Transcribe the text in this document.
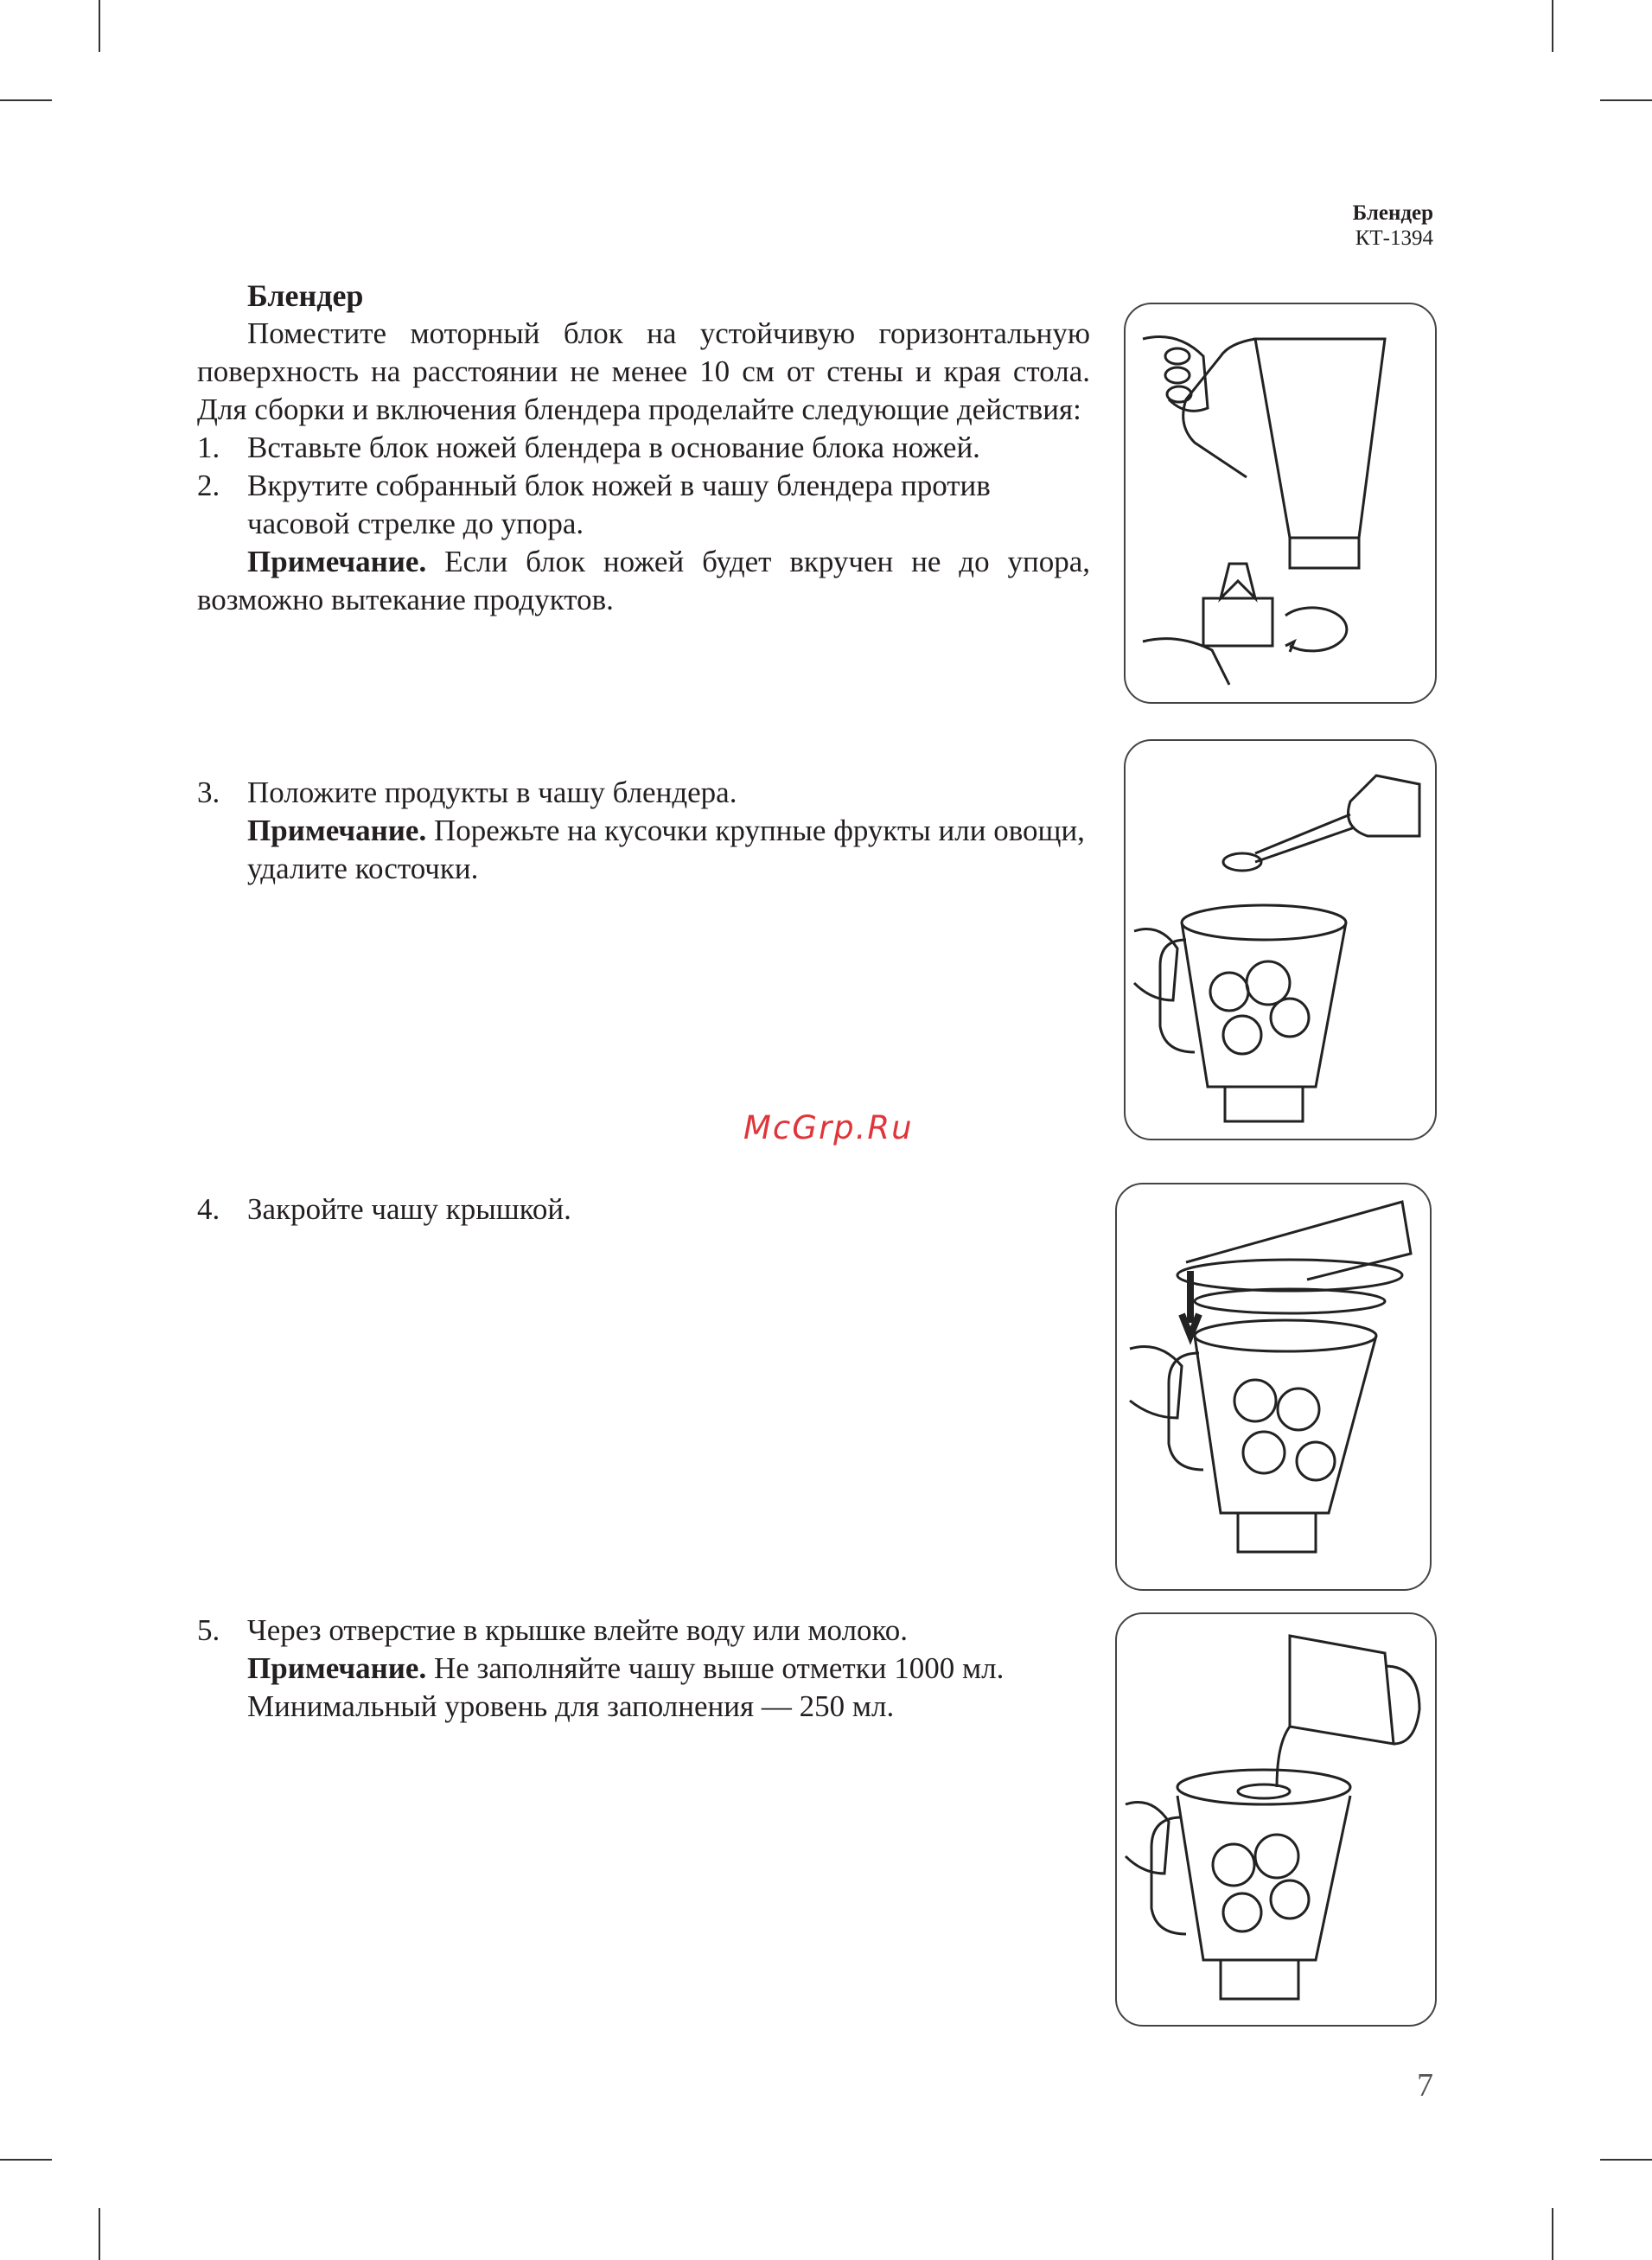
Блендер
КТ-1394

Блендер

Поместите моторный блок на устойчивую горизонтальную поверхность на расстоянии не менее 10 см от стены и края стола. Для сборки и включения блендера проделайте следующие действия:

1. Вставьте блок ножей блендера в основание блока ножей.

2. Вкрутите собранный блок ножей в чашу блендера против часовой стрелке до упора.

Примечание. Если блок ножей будет вкручен не до упора, возможно вытекание продуктов.

3. Положите продукты в чашу блендера.

Примечание. Порежьте на кусочки крупные фрукты или овощи, удалите косточки.

4. Закройте чашу крышкой.

5. Через отверстие в крышке влейте воду или молоко.

Примечание. Не заполняйте чашу выше отметки 1000 мл. Минимальный уровень для заполнения — 250 мл.

McGrp.Ru
7
